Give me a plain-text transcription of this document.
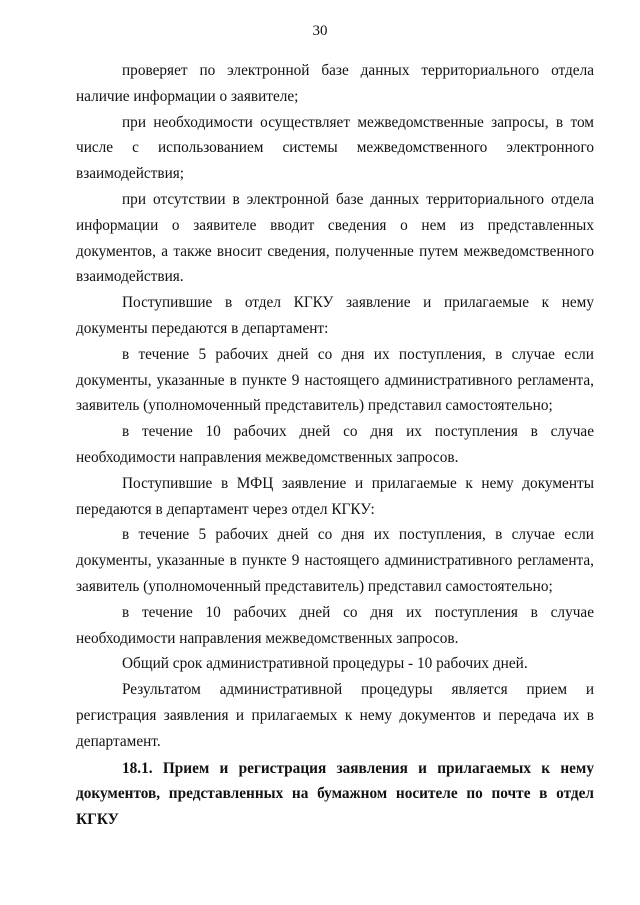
30

проверяет по электронной базе данных территориального отдела наличие информации о заявителе;

при необходимости осуществляет межведомственные запросы, в том числе с использованием системы межведомственного электронного взаимодействия;

при отсутствии в электронной базе данных территориального отдела информации о заявителе вводит сведения о нем из представленных документов, а также вносит сведения, полученные путем межведомственного взаимодействия.

Поступившие в отдел КГКУ заявление и прилагаемые к нему документы передаются в департамент:

в течение 5 рабочих дней со дня их поступления, в случае если документы, указанные в пункте 9 настоящего административного регламента, заявитель (уполномоченный представитель) представил самостоятельно;

в течение 10 рабочих дней со дня их поступления в случае необходимости направления межведомственных запросов.

Поступившие в МФЦ заявление и прилагаемые к нему документы передаются в департамент через отдел КГКУ:

в течение 5 рабочих дней со дня их поступления, в случае если документы, указанные в пункте 9 настоящего административного регламента, заявитель (уполномоченный представитель) представил самостоятельно;

в течение 10 рабочих дней со дня их поступления в случае необходимости направления межведомственных запросов.

Общий срок административной процедуры - 10 рабочих дней.

Результатом административной процедуры является прием и регистрация заявления и прилагаемых к нему документов и передача их в департамент.

18.1. Прием и регистрация заявления и прилагаемых к нему документов, представленных на бумажном носителе по почте в отдел КГКУ
